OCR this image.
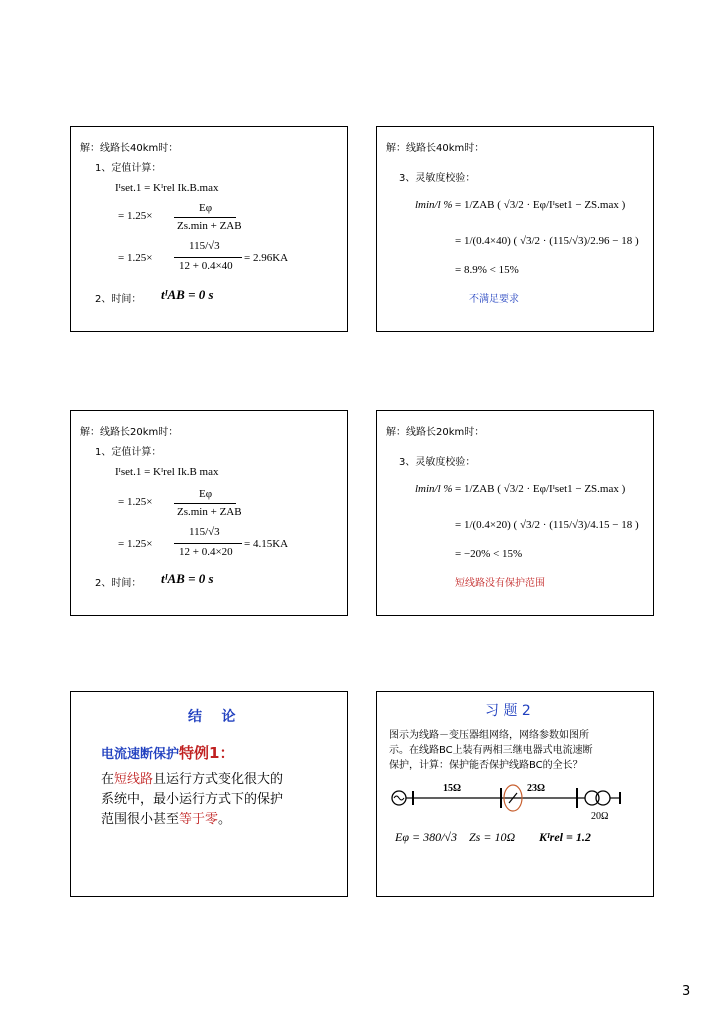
解：线路长40km时：
1、定值计算：
Iᴵset.1 = Kᴵrel Ik.B.max
= 1.25×
Eφ
Zs.min + ZAB
= 1.25×
115/√3
12 + 0.4×40
= 2.96KA
2、时间： tᴵAB = 0 s
解：线路长40km时：
3、灵敏度校验：
lmin/l % = 1/ZAB ( √3/2 · Eφ/Iᴵset1 − ZS.max )
= 1/(0.4×40) ( √3/2 · (115/√3)/2.96 − 18 )
= 8.9% < 15%
不满足要求
解：线路长20km时：
1、定值计算：
Iᴵset.1 = Kᴵrel Ik.B max
= 1.25×
Eφ
Zs.min + ZAB
= 1.25×
115/√3
12 + 0.4×20
= 4.15KA
2、时间： tᴵAB = 0 s
解：线路长20km时：
3、灵敏度校验：
lmin/l % = 1/ZAB ( √3/2 · Eφ/Iᴵset1 − ZS.max )
= 1/(0.4×20) ( √3/2 · (115/√3)/4.15 − 18 )
= −20% < 15%
短线路没有保护范围
结    论
电流速断保护特例1：
在短线路且运行方式变化很大的
系统中，最小运行方式下的保护
范围很小甚至等于零。
习 题 2
图示为线路－变压器组网络，网络参数如图所
示。在线路BC上装有两相三继电器式电流速断
保护，计算：保护能否保护线路BC的全长？
15Ω	23Ω
20Ω
Eφ = 380/√3 Zs = 10Ω Kᴵrel = 1.2
3
